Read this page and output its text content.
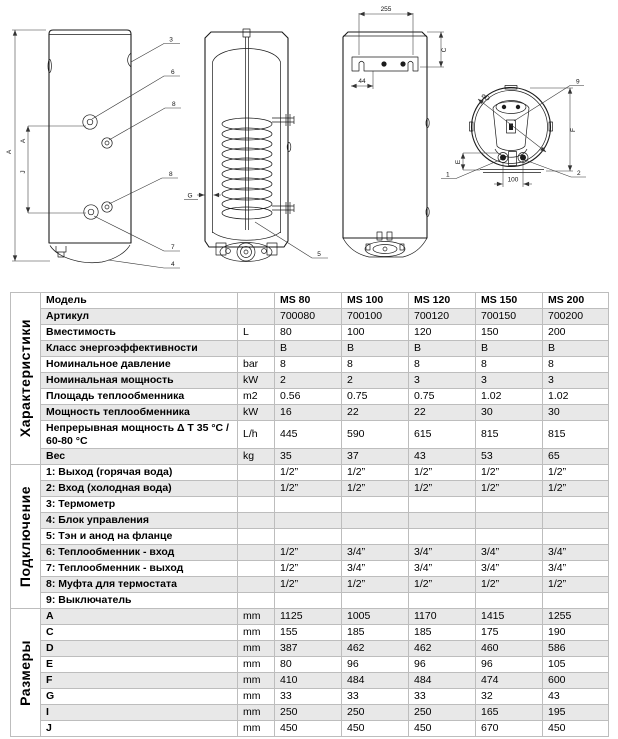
A
A
J
3
6
8
8
7
4
5
G
255
44
C
⌀D
F
E
100
9
1	2
Характеристики	Модель		MS 80	MS 100	MS 120	MS 150	MS 200
	Артикул		700080	700100	700120	700150	700200
	Вместимость	L	80	100	120	150	200
	Класс энергоэффективности		B	B	B	B	B
	Номинальное давление	bar	8	8	8	8	8
	Номинальная мощность	kW	2	2	3	3	3
	Площадь теплообменника	m2	0.56	0.75	0.75	1.02	1.02
	Мощность теплообменника	kW	16	22	22	30	30
	Непрерывная мощность Δ T 35 °C / 60-80 °C	L/h	445	590	615	815	815
	Вес	kg	35	37	43	53	65

Подключение	1: Выход (горячая вода)		1/2”	1/2”	1/2”	1/2”	1/2”
	2: Вход (холодная вода)		1/2”	1/2”	1/2”	1/2”	1/2”
	3: Термометр						
	4: Блок управления						
	5: Тэн и анод на фланце						
	6: Теплообменник - вход		1/2”	3/4”	3/4”	3/4”	3/4”
	7: Теплообменник - выход		1/2”	3/4”	3/4”	3/4”	3/4”
	8: Муфта для термостата		1/2”	1/2”	1/2”	1/2”	1/2”
	9: Выключатель						

Размеры	A	mm	1125	1005	1170	1415	1255
	C	mm	155	185	185	175	190
	D	mm	387	462	462	460	586
	E	mm	80	96	96	96	105
	F	mm	410	484	484	474	600
	G	mm	33	33	33	32	43
	I	mm	250	250	250	165	195
	J	mm	450	450	450	670	450
